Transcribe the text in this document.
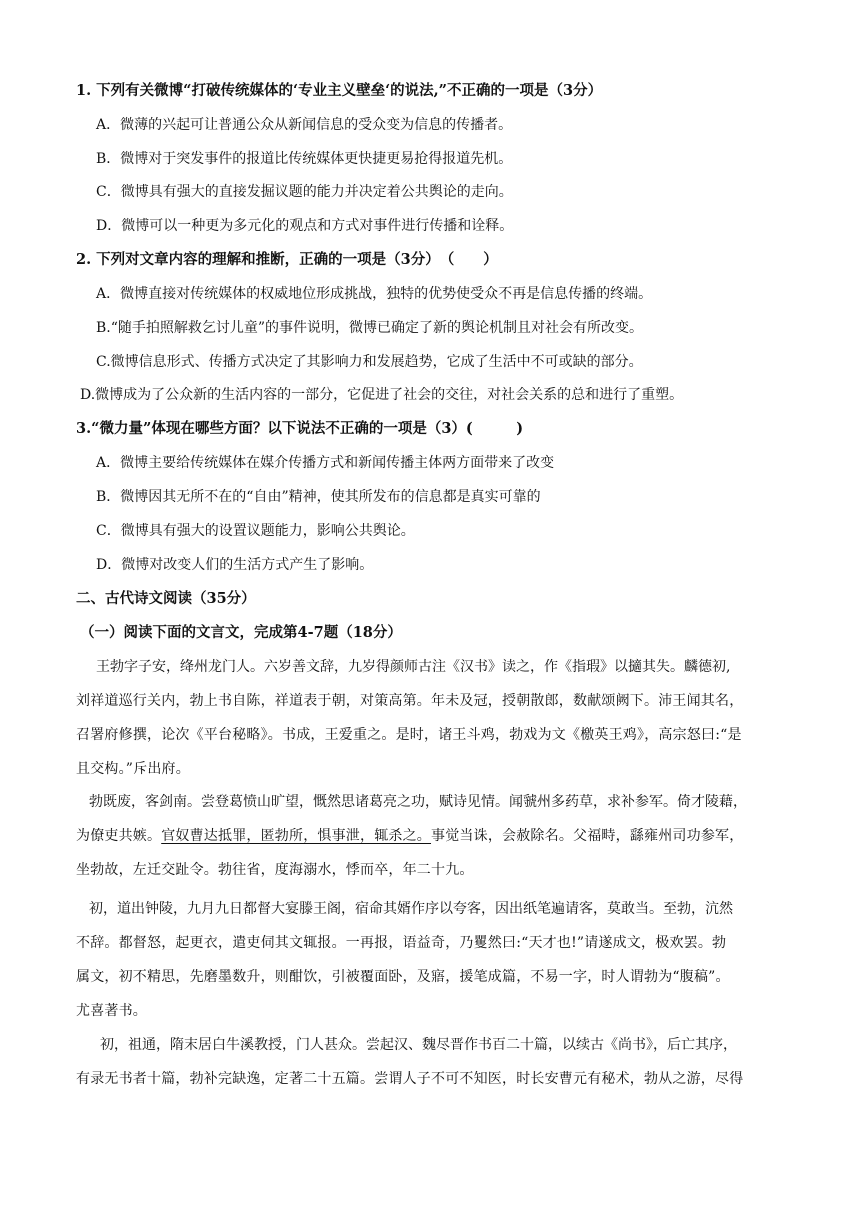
1. 下列有关微博“打破传统媒体的‘专业主义壁垒‘的说法,”不正确的一项是（3分）
A．微薄的兴起可让普通公众从新闻信息的受众变为信息的传播者。
B．微博对于突发事件的报道比传统媒体更快捷更易抢得报道先机。
C．微博具有强大的直接发掘议题的能力并决定着公共舆论的走向。
D．微博可以一种更为多元化的观点和方式对事件进行传播和诠释。
2. 下列对文章内容的理解和推断，正确的一项是（3分）　（　　）
A．微博直接对传统媒体的权威地位形成挑战，独特的优势使受众不再是信息传播的终端。
B.“随手拍照解救乞讨儿童”的事件说明，微博已确定了新的舆论机制且对社会有所改变。
C.微博信息形式、传播方式决定了其影响力和发展趋势，它成了生活中不可或缺的部分。
D.微博成为了公众新的生活内容的一部分，它促进了社会的交往，对社会关系的总和进行了重塑。
3.“微力量”体现在哪些方面？以下说法不正确的一项是（3）(　　　)
A．微博主要给传统媒体在媒介传播方式和新闻传播主体两方面带来了改变
B．微博因其无所不在的“自由”精神，使其所发布的信息都是真实可靠的
C．微博具有强大的设置议题能力，影响公共舆论。
D．微博对改变人们的生活方式产生了影响。
二、古代诗文阅读（35分）
（一）阅读下面的文言文，完成第4-7题（18分）
王勃字子安，绛州龙门人。六岁善文辞，九岁得颜师古注《汉书》读之，作《指瑕》以擿其失。麟德初,
刘祥道巡行关内，勃上书自陈，祥道表于朝，对策高第。年未及冠，授朝散郎，数献颂阙下。沛王闻其名，
召署府修撰，论次《平台秘略》。书成，王爱重之。是时，诸王斗鸡，勃戏为文《檄英王鸡》，高宗怒曰:“是
且交构。”斥出府。
勃既废，客剑南。尝登葛愤山旷望，慨然思诸葛亮之功，赋诗见情。闻虢州多药草，求补参军。倚才陵藉，
为僚吏共嫉。官奴曹达抵罪，匿勃所，惧事泄，辄杀之。事觉当诛，会赦除名。父福畤，繇雍州司功参军，
坐勃故，左迁交趾令。勃往省，度海溺水，悸而卒，年二十九。
初，道出钟陵，九月九日都督大宴滕王阁，宿命其婿作序以夸客，因出纸笔遍请客，莫敢当。至勃，沆然
不辞。都督怒，起更衣，遣吏伺其文辄报。一再报，语益奇，乃矍然曰:“天才也!”请遂成文，极欢罢。勃
属文，初不精思，先磨墨数升，则酣饮，引被覆面卧，及寤，援笔成篇，不易一字，时人谓勃为“腹稿”。
尤喜著书。
初，祖通，隋末居白牛溪教授，门人甚众。尝起汉、魏尽晋作书百二十篇，以续古《尚书》，后亡其序，
有录无书者十篇，勃补完缺逸，定著二十五篇。尝谓人子不可不知医，时长安曹元有秘术，勃从之游，尽得
